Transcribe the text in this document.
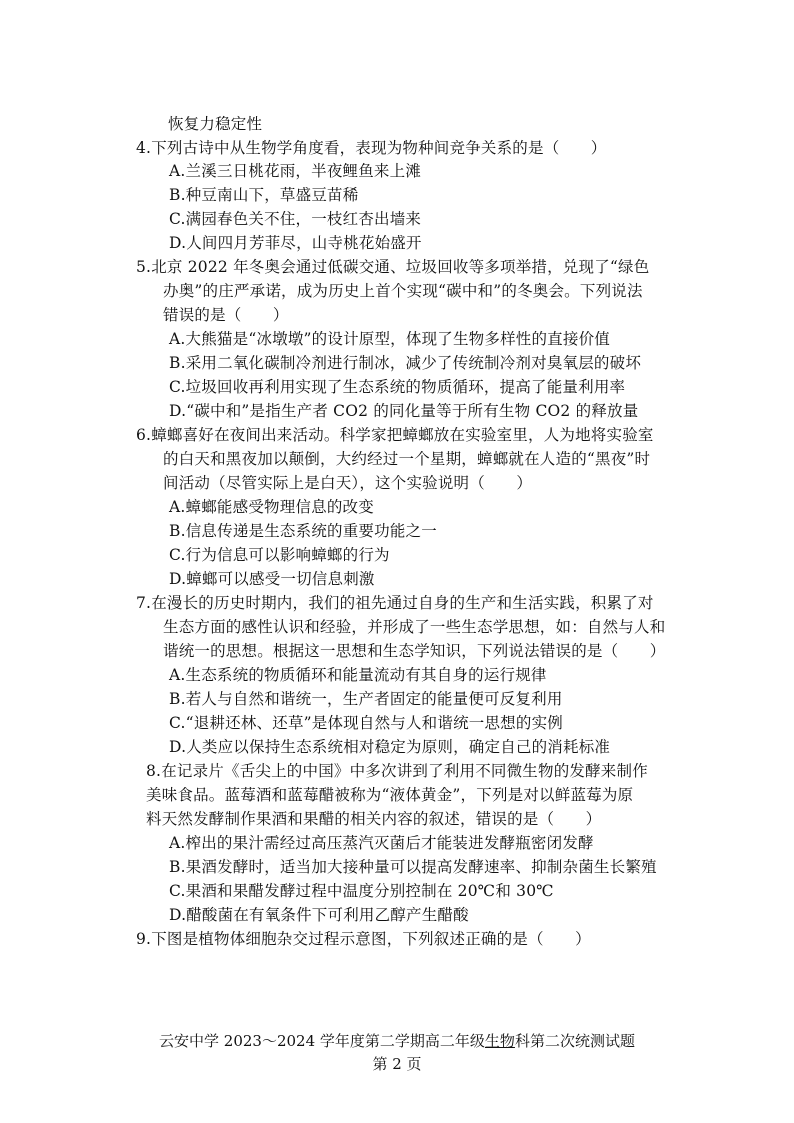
恢复力稳定性
4.下列古诗中从生物学角度看，表现为物种间竞争关系的是（　　）
A.兰溪三日桃花雨，半夜鲤鱼来上滩
B.种豆南山下，草盛豆苗稀
C.满园春色关不住，一枝红杏出墙来
D.人间四月芳菲尽，山寺桃花始盛开
5.北京 2022 年冬奥会通过低碳交通、垃圾回收等多项举措，兑现了“绿色
办奥”的庄严承诺，成为历史上首个实现“碳中和”的冬奥会。下列说法
错误的是（　　）
A.大熊猫是“冰墩墩”的设计原型，体现了生物多样性的直接价值
B.采用二氧化碳制冷剂进行制冰，减少了传统制冷剂对臭氧层的破坏
C.垃圾回收再利用实现了生态系统的物质循环，提高了能量利用率
D.“碳中和”是指生产者 CO2 的同化量等于所有生物 CO2 的释放量
6.蟑螂喜好在夜间出来活动。科学家把蟑螂放在实验室里，人为地将实验室
的白天和黑夜加以颠倒，大约经过一个星期，蟑螂就在人造的“黑夜”时
间活动（尽管实际上是白天），这个实验说明（　　）
A.蟑螂能感受物理信息的改变
B.信息传递是生态系统的重要功能之一
C.行为信息可以影响蟑螂的行为
D.蟑螂可以感受一切信息刺激
7.在漫长的历史时期内，我们的祖先通过自身的生产和生活实践，积累了对
生态方面的感性认识和经验，并形成了一些生态学思想，如：自然与人和
谐统一的思想。根据这一思想和生态学知识，下列说法错误的是（　　）
A.生态系统的物质循环和能量流动有其自身的运行规律
B.若人与自然和谐统一，生产者固定的能量便可反复利用
C.“退耕还林、还草”是体现自然与人和谐统一思想的实例
D.人类应以保持生态系统相对稳定为原则，确定自己的消耗标准
8.在记录片《舌尖上的中国》中多次讲到了利用不同微生物的发酵来制作
美味食品。蓝莓酒和蓝莓醋被称为“液体黄金”，下列是对以鲜蓝莓为原
料天然发酵制作果酒和果醋的相关内容的叙述，错误的是（　　）
A.榨出的果汁需经过高压蒸汽灭菌后才能装进发酵瓶密闭发酵
B.果酒发酵时，适当加大接种量可以提高发酵速率、抑制杂菌生长繁殖
C.果酒和果醋发酵过程中温度分别控制在 20℃和 30℃
D.醋酸菌在有氧条件下可利用乙醇产生醋酸
9.下图是植物体细胞杂交过程示意图，下列叙述正确的是（　　）
云安中学 2023～2024 学年度第二学期高二年级生物科第二次统测试题
第 2 页
